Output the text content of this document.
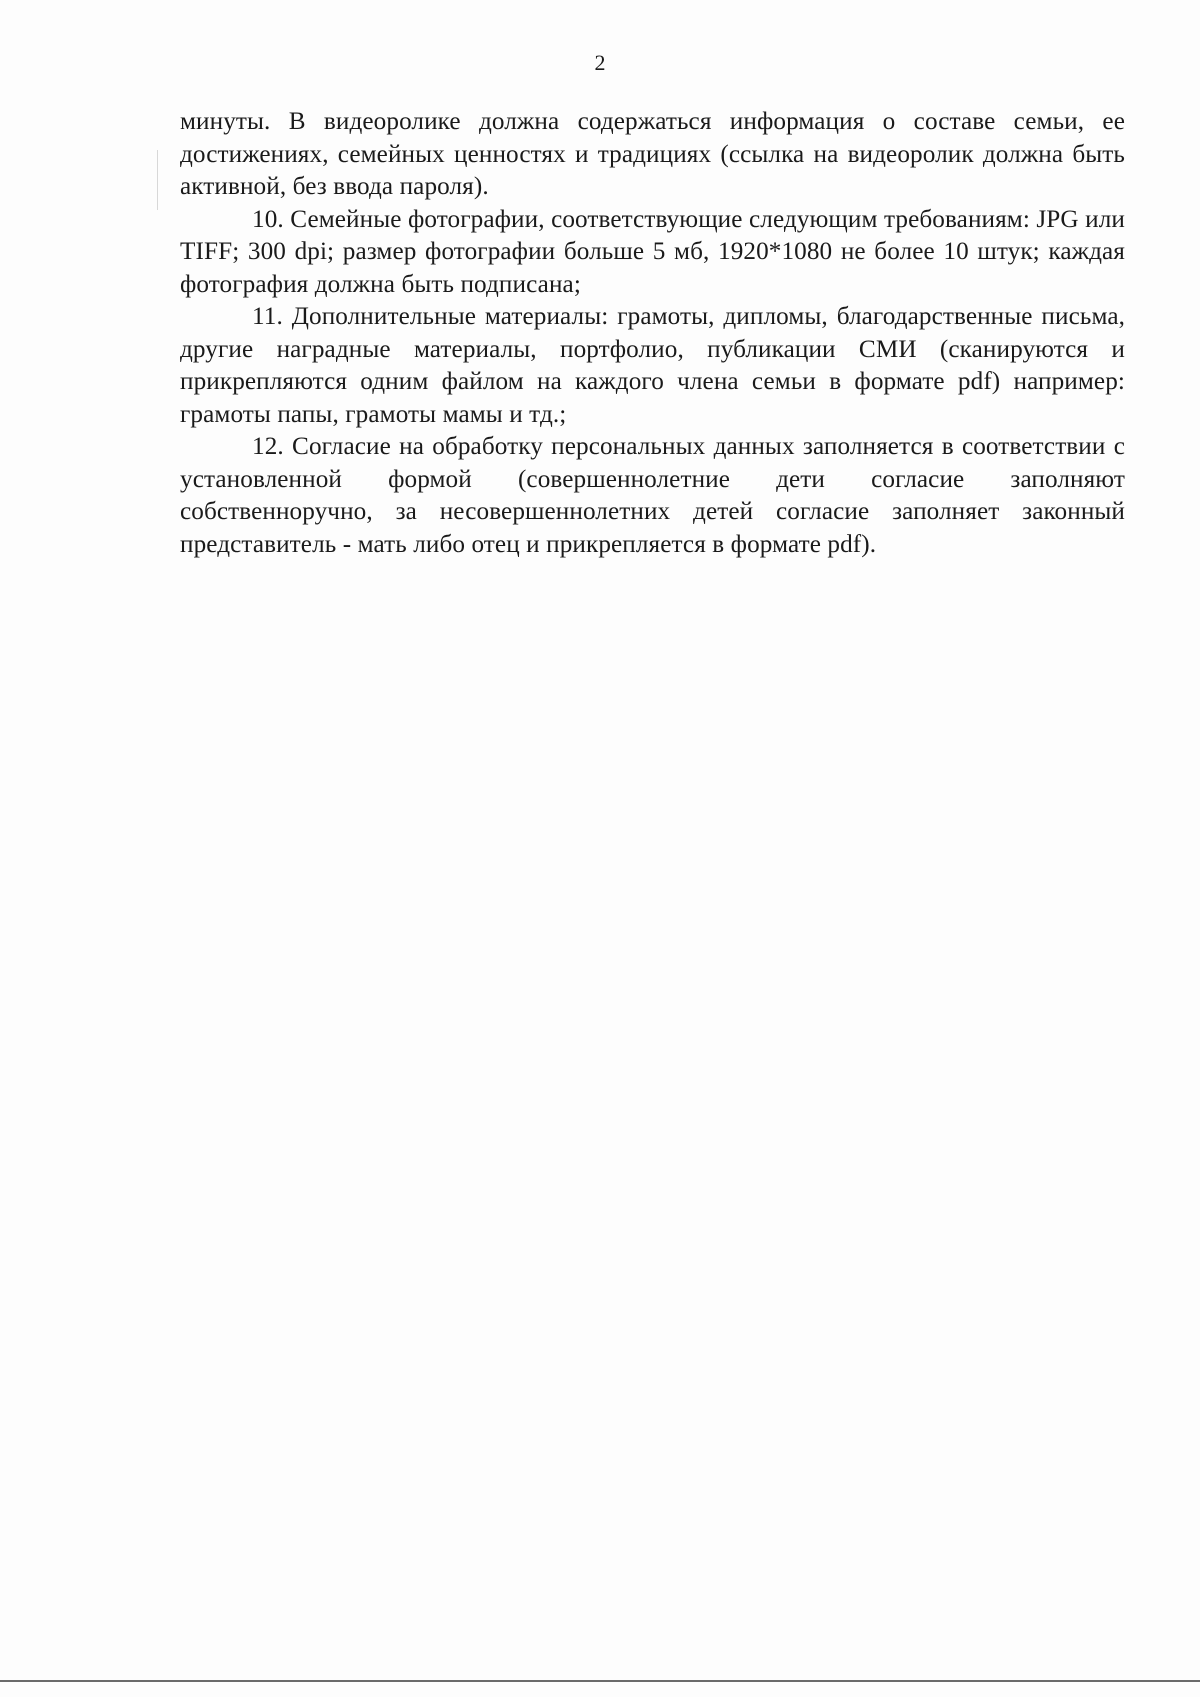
2

минуты. В видеоролике должна содержаться информация о составе семьи, ее достижениях, семейных ценностях и традициях (ссылка на видеоролик должна быть активной, без ввода пароля).

10. Семейные фотографии, соответствующие следующим требованиям: JPG или TIFF; 300 dpi; размер фотографии больше 5 мб, 1920*1080 не более 10 штук; каждая фотография должна быть подписана;

11. Дополнительные материалы: грамоты, дипломы, благодарственные письма, другие наградные материалы, портфолио, публикации СМИ (сканируются и прикрепляются одним файлом на каждого члена семьи в формате pdf) например: грамоты папы, грамоты мамы и тд.;

12. Согласие на обработку персональных данных заполняется в соответствии с установленной формой (совершеннолетние дети согласие заполняют собственноручно, за несовершеннолетних детей согласие заполняет законный представитель - мать либо отец и прикрепляется в формате pdf).
